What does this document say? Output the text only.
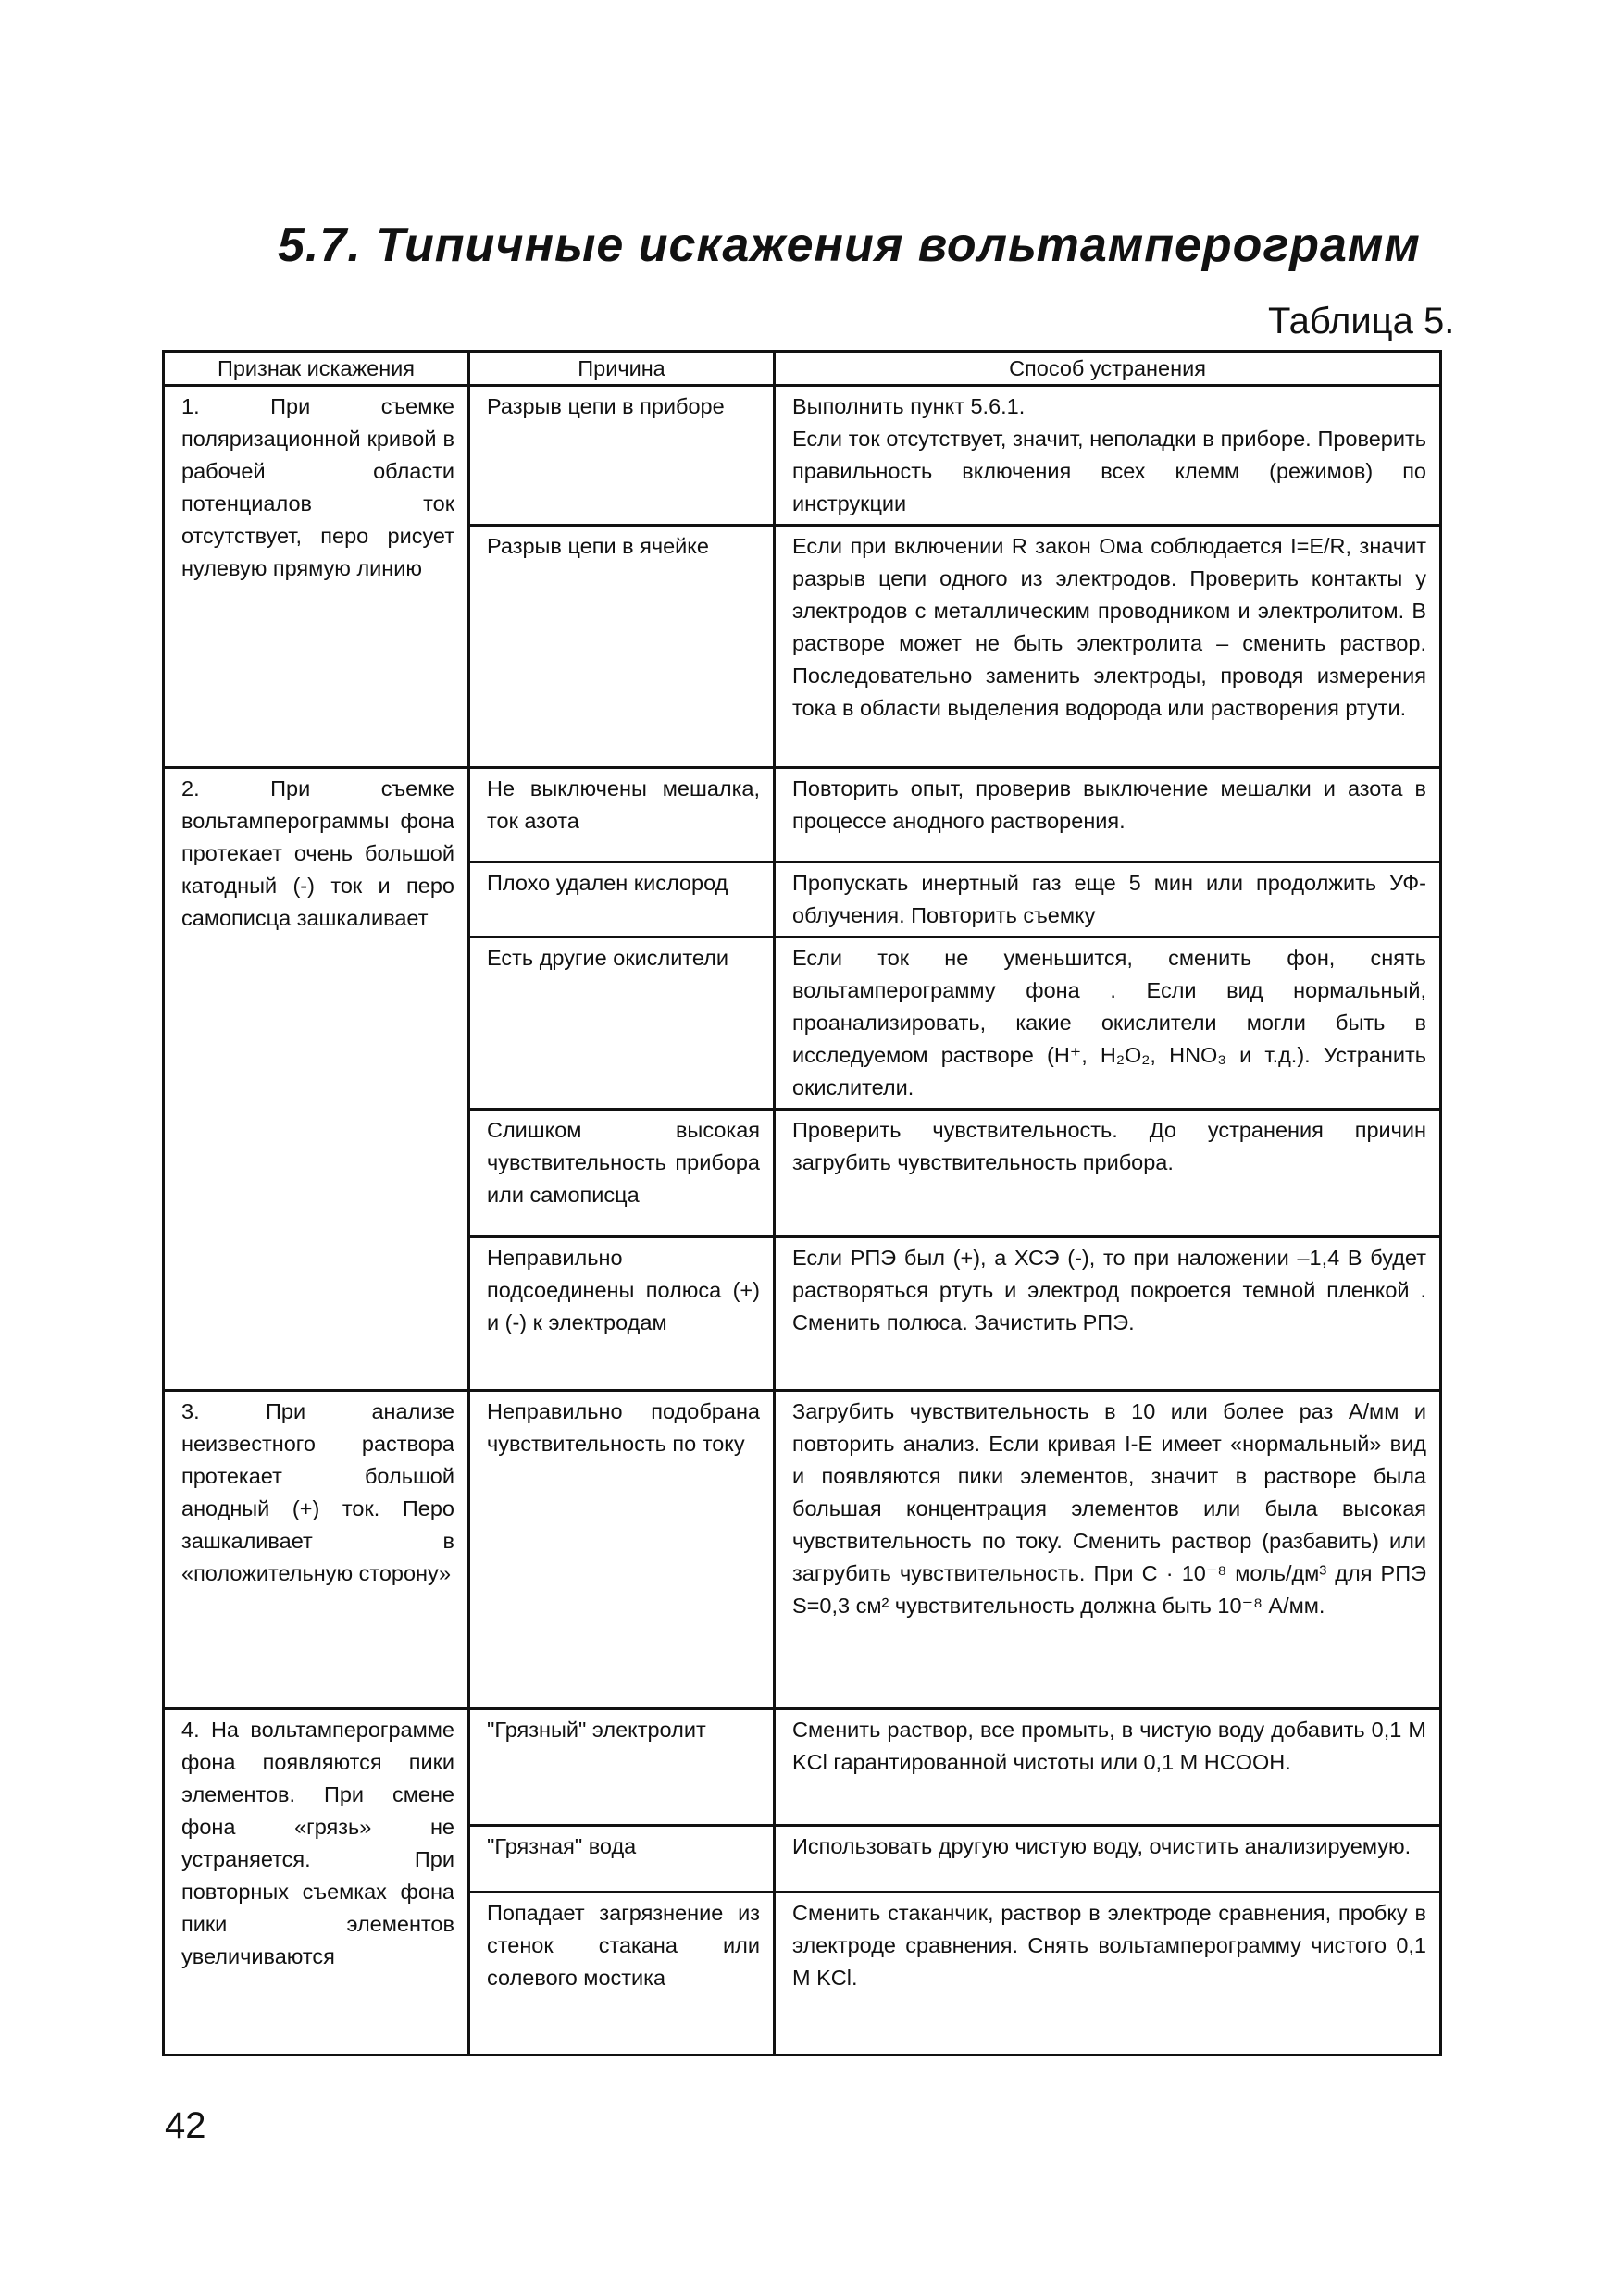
5.7. Типичные искажения вольтамперограмм
Таблица 5.
Признак искажения	Причина	Способ устранения
1. При съемке поляризационной кривой в рабочей области потенциалов ток отсутствует, перо рисует нулевую прямую линию	Разрыв цепи в приборе	Выполнить пункт 5.6.1.
Если ток отсутствует, значит, неполадки в приборе. Проверить правильность включения всех клемм (режимов) по инструкции
	Разрыв цепи в ячейке	Если при включении R закон Ома соблюдается I=E/R, значит разрыв цепи одного из электродов. Проверить контакты у электродов с металлическим проводником и электролитом. В растворе может не быть электролита – сменить раствор. Последовательно заменить электроды, проводя измерения тока в области выделения водорода или растворения ртути.
2. При съемке вольтамперограммы фона протекает очень большой катодный (-) ток и перо самописца зашкаливает	Не выключены мешалка, ток азота	Повторить опыт, проверив выключение мешалки и азота в процессе анодного растворения.
	Плохо удален кислород	Пропускать инертный газ еще 5 мин или продолжить УФ-облучения. Повторить съемку
	Есть другие окислители	Если ток не уменьшится, сменить фон, снять вольтамперограмму фона . Если вид нормальный, проанализировать, какие окислители могли быть в исследуемом растворе (H⁺, H₂O₂, HNO₃ и т.д.). Устранить окислители.
	Слишком высокая чувствительность прибора или самописца	Проверить чувствительность. До устранения причин загрубить чувствительность прибора.
	Неправильно подсоединены полюса (+) и (-) к электродам	Если РПЭ был (+), а ХСЭ (-), то при наложении –1,4 В будет растворяться ртуть и электрод покроется темной пленкой . Сменить полюса. Зачистить РПЭ.
3. При анализе неизвестного раствора протекает большой анодный (+) ток. Перо зашкаливает в «положительную сторону»	Неправильно подобрана чувствительность по току	Загрубить чувствительность в 10 или более раз А/мм и повторить анализ. Если кривая I-E имеет «нормальный» вид и появляются пики элементов, значит в растворе была большая концентрация элементов или была высокая чувствительность по току. Сменить раствор (разбавить) или загрубить чувствительность. При С · 10⁻⁸ моль/дм³ для РПЭ S=0,3 см² чувствительность должна быть 10⁻⁸ А/мм.
4. На вольтамперограмме фона появляются пики элементов. При смене фона «грязь» не устраняется. При повторных съемках фона пики элементов увеличиваются	"Грязный" электролит	Сменить раствор, все промыть, в чистую воду добавить 0,1 М KCl гарантированной чистоты или 0,1 М HCOOH.
	"Грязная" вода	Использовать другую чистую воду, очистить анализируемую.
	Попадает загрязнение из стенок стакана или солевого мостика	Сменить стаканчик, раствор в электроде сравнения, пробку в электроде сравнения. Снять вольтамперограмму чистого 0,1 М KCl.
42
